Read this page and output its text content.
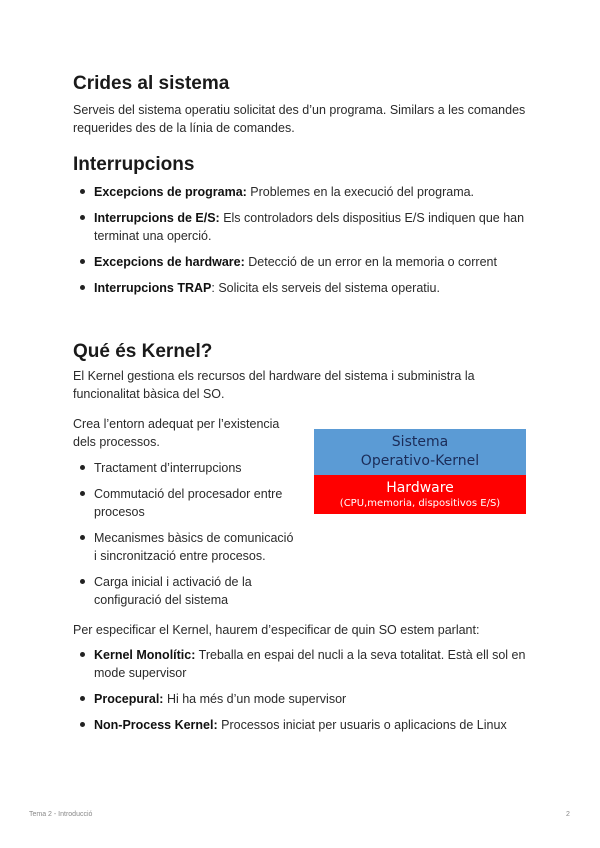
Crides al sistema

Serveis del sistema operatiu solicitat des d’un programa. Similars a les comandes
requerides des de la línia de comandes.

Interrupcions
Excepcions de programa: Problemes en la execució del programa.
Interrupcions de E/S: Els controladors dels dispositius E/S indiquen que han
terminat una operció.
Excepcions de hardware: Detecció de un error en la memoria o corrent
Interrupcions TRAP: Solicita els serveis del sistema operatiu.
Qué és Kernel?

El Kernel gestiona els recursos del hardware del sistema i subministra la
funcionalitat bàsica del SO.

Crea l’entorn adequat per l’existencia
dels processos.

Tractament d’interrupcions
Commutació del procesador entre
procesos
Mecanismes bàsics de comunicació
i sincronització entre procesos.
Carga inicial i activació de la
configuració del sistema
Sistema
Operativo-Kernel
Hardware
(CPU,memoria, dispositivos E/S)

Per especificar el Kernel, haurem d’especificar de quin SO estem parlant:

Kernel Monolític: Treballa en espai del nucli a la seva totalitat. Està ell sol en
mode supervisor
Procepural: Hi ha més d’un mode supervisor
Non-Process Kernel: Processos iniciat per usuaris o aplicacions de Linux
Tema 2 - Introducció	2
